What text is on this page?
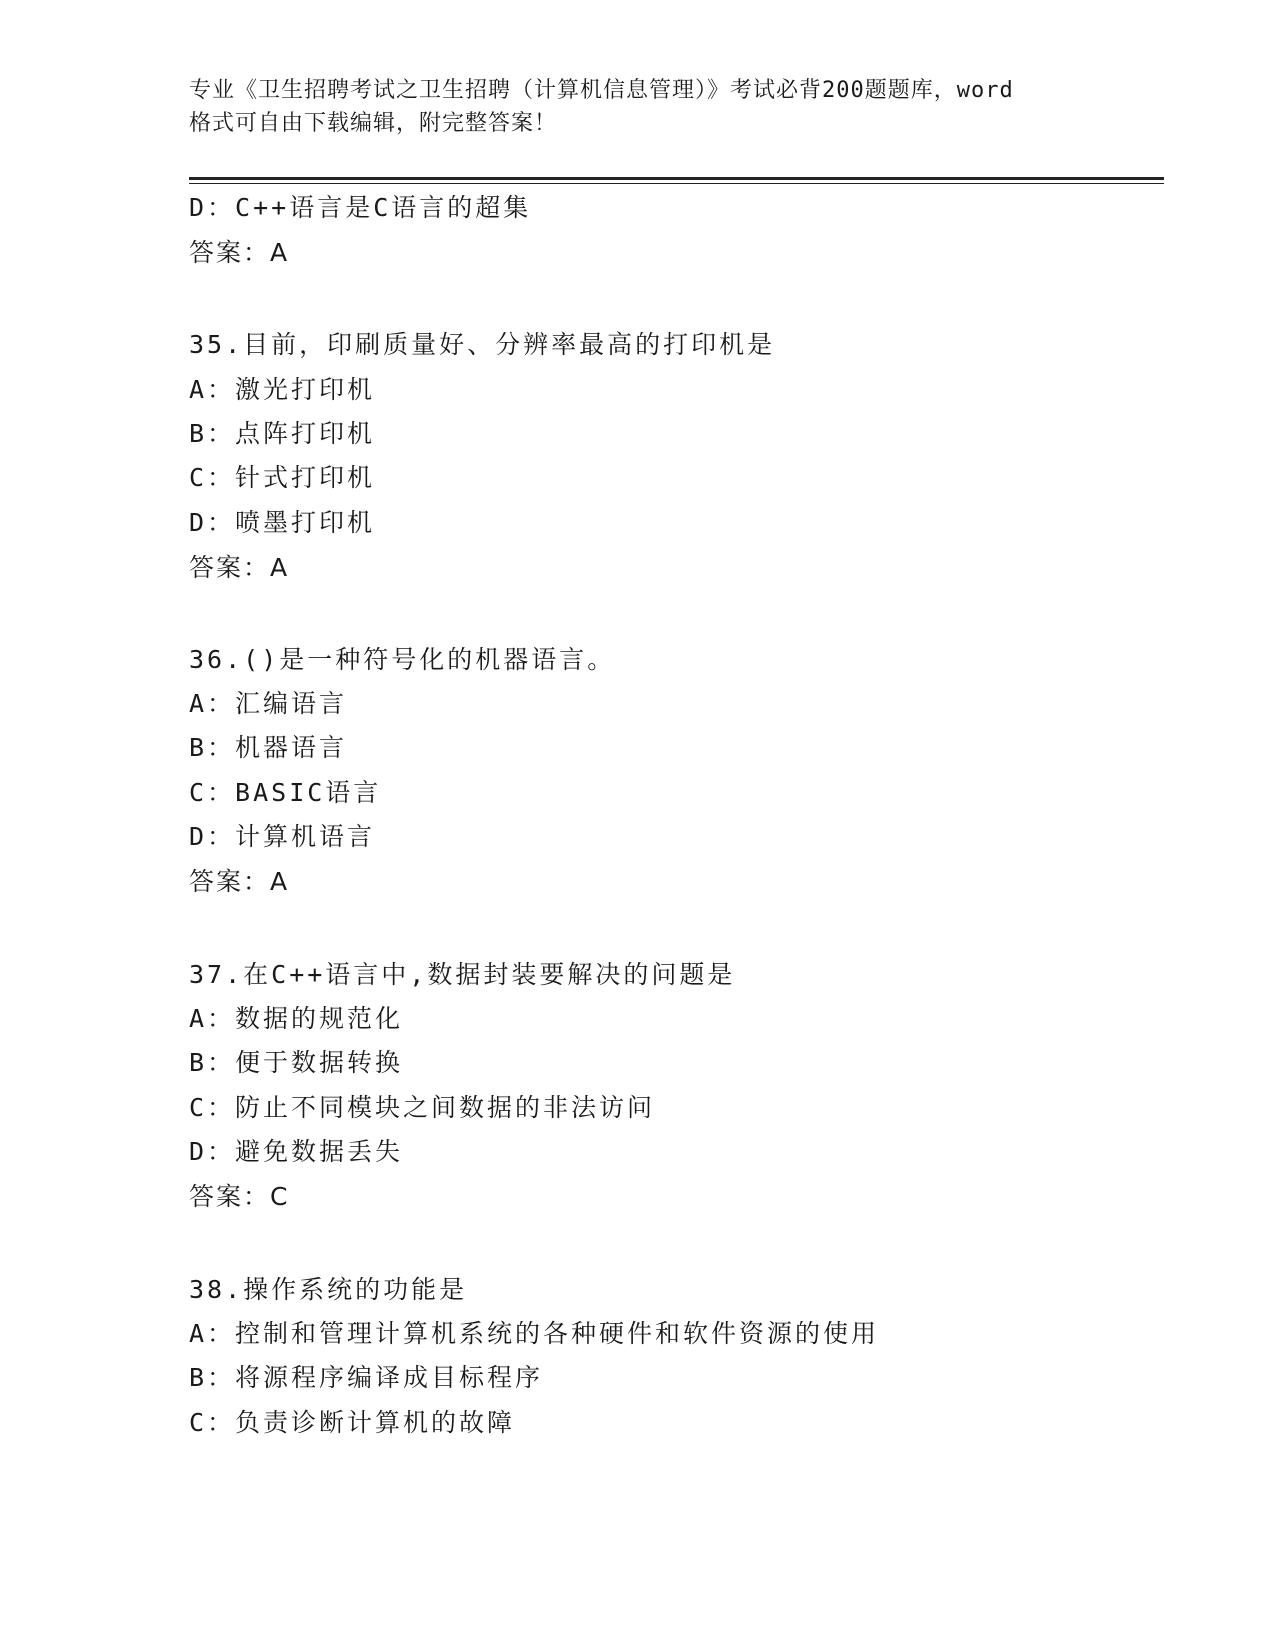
专业《卫生招聘考试之卫生招聘（计算机信息管理）》考试必背200题题库，word
格式可自由下载编辑，附完整答案！
D：C++语言是C语言的超集
答案：A
35.目前，印刷质量好、分辨率最高的打印机是
A：激光打印机
B：点阵打印机
C：针式打印机
D：喷墨打印机
答案：A
36.()是一种符号化的机器语言。
A：汇编语言
B：机器语言
C：BASIC语言
D：计算机语言
答案：A
37.在C++语言中,数据封装要解决的问题是
A：数据的规范化
B：便于数据转换
C：防止不同模块之间数据的非法访问
D：避免数据丢失
答案：C
38.操作系统的功能是
A：控制和管理计算机系统的各种硬件和软件资源的使用
B：将源程序编译成目标程序
C：负责诊断计算机的故障
